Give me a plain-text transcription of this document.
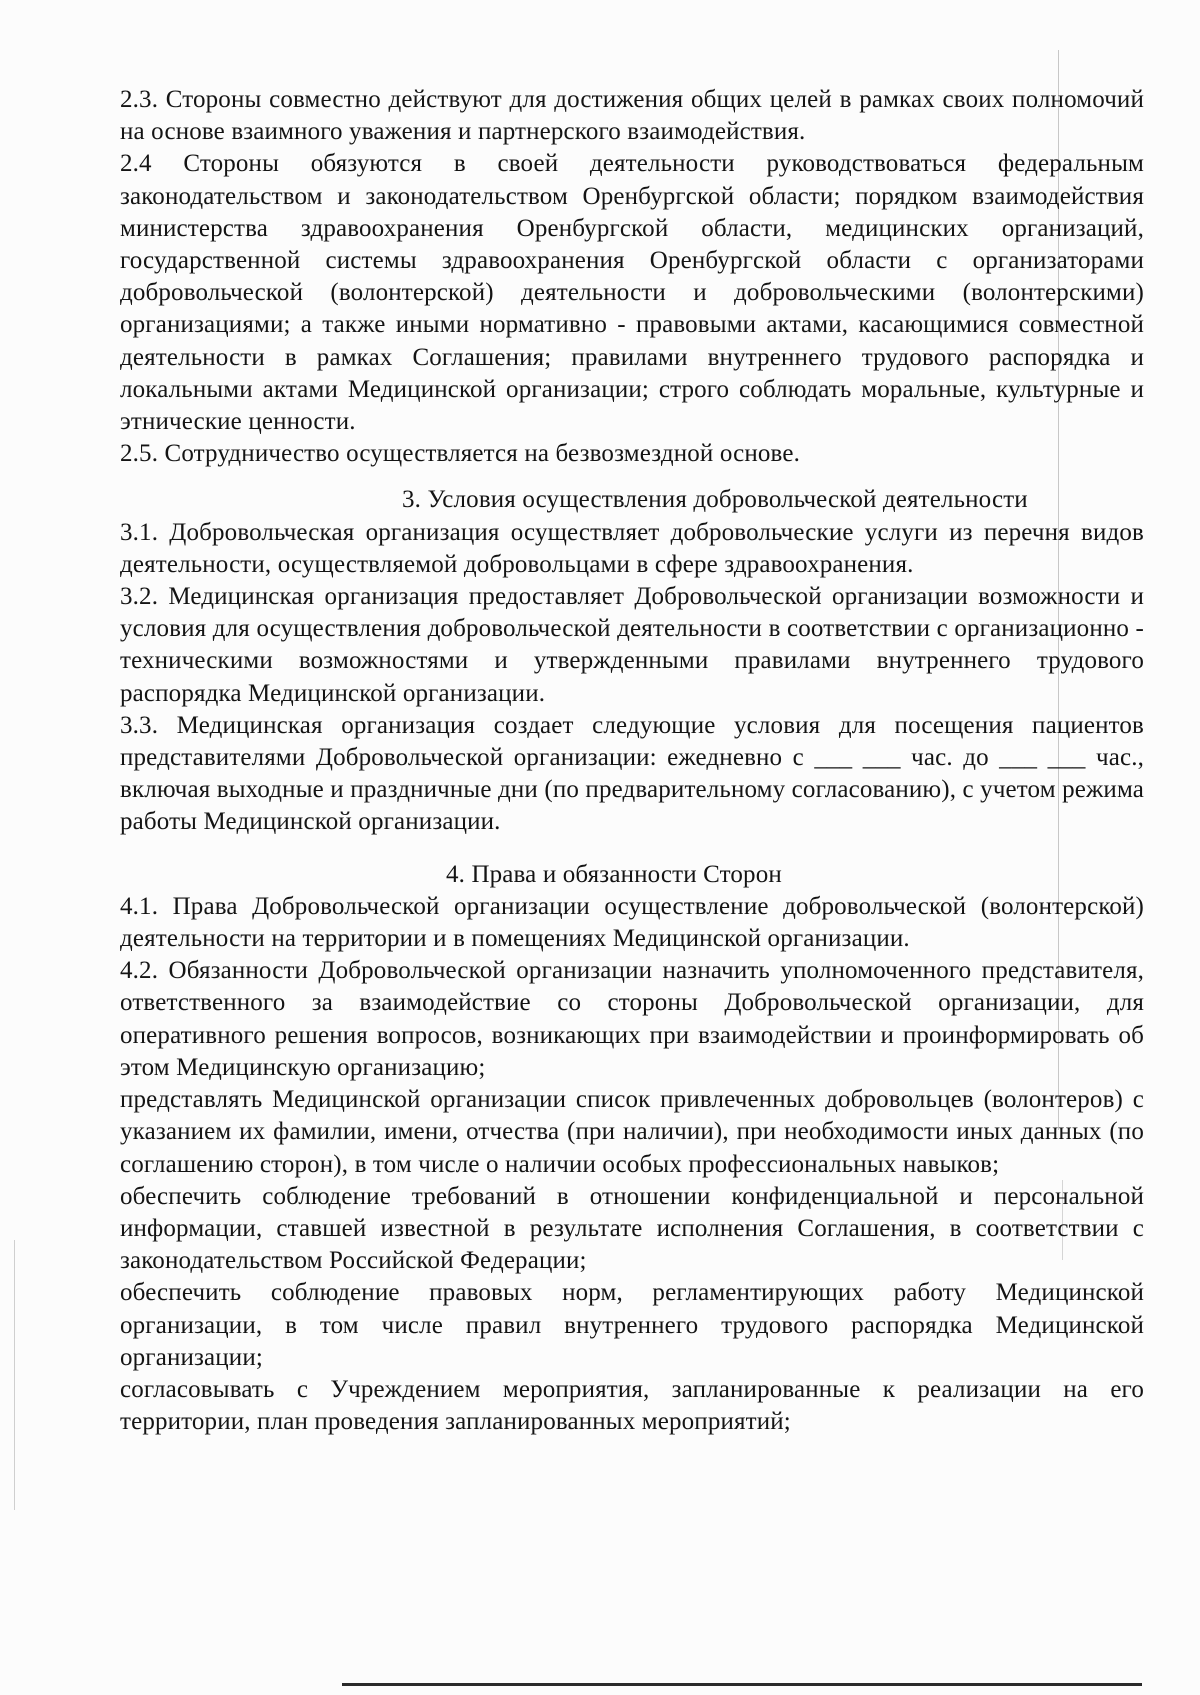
2.3. Стороны совместно действуют для достижения общих целей в рамках своих полномочий на основе взаимного уважения и партнерского взаимодействия.

2.4 Стороны обязуются в своей деятельности руководствоваться федеральным законодательством и законодательством Оренбургской области; порядком взаимодействия министерства здравоохранения Оренбургской области, медицинских организаций, государственной системы здравоохранения Оренбургской области с организаторами добровольческой (волонтерской) деятельности и добровольческими (волонтерскими) организациями; а также иными нормативно - правовыми актами, касающимися совместной деятельности в рамках Соглашения; правилами внутреннего трудового распорядка и локальными актами Медицинской организации; строго соблюдать моральные, культурные и этнические ценности.

2.5. Сотрудничество осуществляется на безвозмездной основе.

3. Условия осуществления добровольческой деятельности

3.1. Добровольческая организация осуществляет добровольческие услуги из перечня видов деятельности, осуществляемой добровольцами в сфере здравоохранения.

3.2. Медицинская организация предоставляет Добровольческой организации возможности и условия для осуществления добровольческой деятельности в соответствии с организационно - техническими возможностями и утвержденными правилами внутреннего трудового распорядка Медицинской организации.

3.3. Медицинская организация создает следующие условия для посещения пациентов представителями Добровольческой организации: ежедневно с ___ ___ час. до ___ ___ час., включая выходные и праздничные дни (по предварительному согласованию), с учетом режима работы Медицинской организации.

4. Права и обязанности Сторон

4.1. Права Добровольческой организации осуществление добровольческой (волонтерской) деятельности на территории и в помещениях Медицинской организации.

4.2. Обязанности Добровольческой организации назначить уполномоченного представителя, ответственного за взаимодействие со стороны Добровольческой организации, для оперативного решения вопросов, возникающих при взаимодействии и проинформировать об этом Медицинскую организацию;

представлять Медицинской организации список привлеченных добровольцев (волонтеров) с указанием их фамилии, имени, отчества (при наличии), при необходимости иных данных (по соглашению сторон), в том числе о наличии особых профессиональных навыков;

обеспечить соблюдение требований в отношении конфиденциальной и персональной информации, ставшей известной в результате исполнения Соглашения, в соответствии с законодательством Российской Федерации;

обеспечить соблюдение правовых норм, регламентирующих работу Медицинской организации, в том числе правил внутреннего трудового распорядка Медицинской организации;

согласовывать с Учреждением мероприятия, запланированные к реализации на его территории, план проведения запланированных мероприятий;
